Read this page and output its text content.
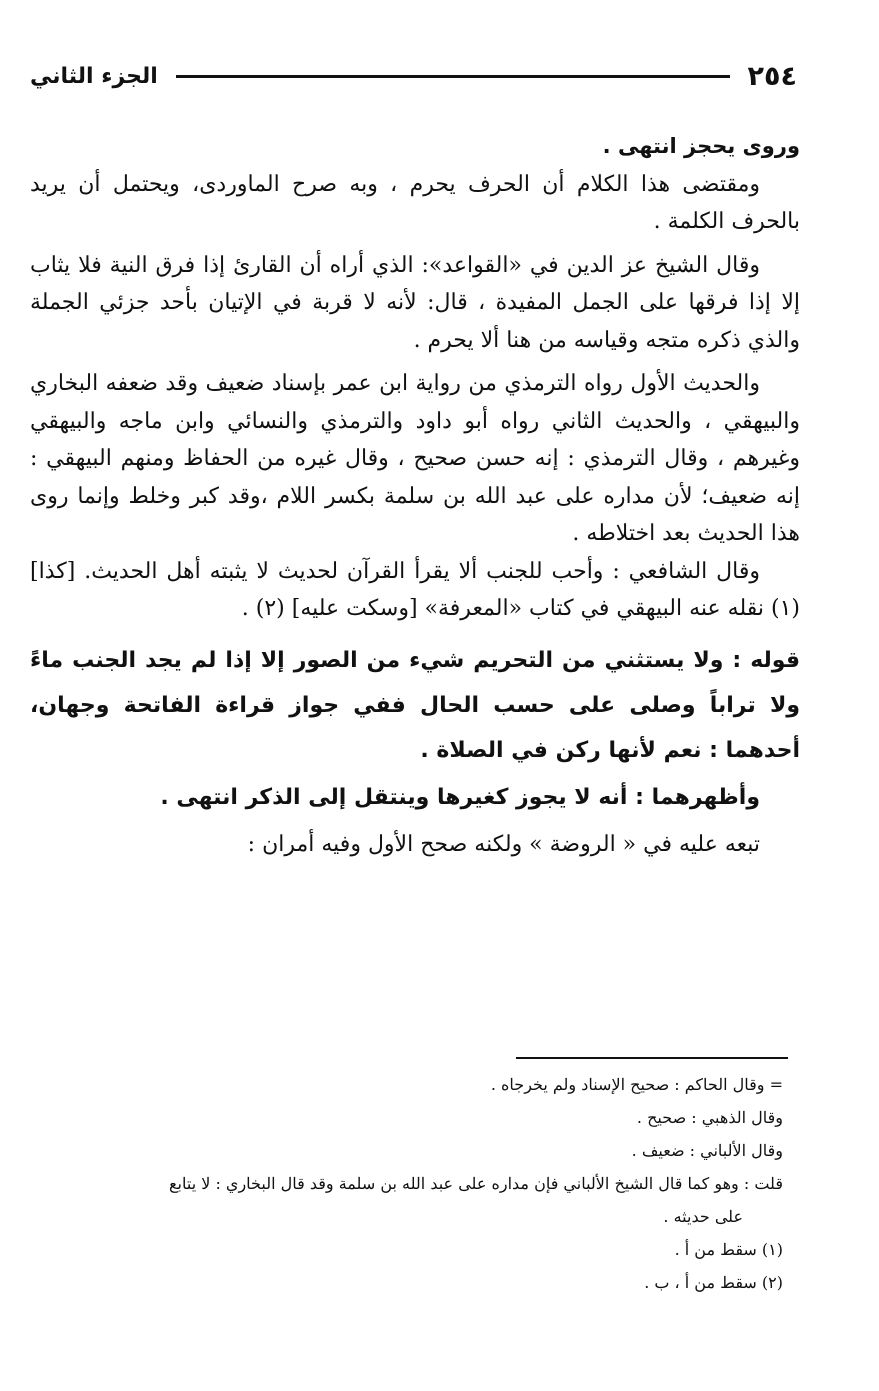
٢٥٤
الجزء الثاني

وروى يحجز انتهى .

ومقتضى هذا الكلام أن الحرف يحرم ، وبه صرح الماوردى، ويحتمل أن يريد بالحرف الكلمة .

وقال الشيخ عز الدين في «القواعد»: الذي أراه أن القارئ إذا فرق النية فلا يثاب إلا إذا فرقها على الجمل المفيدة ، قال: لأنه لا قربة في الإتيان بأحد جزئي الجملة والذي ذكره متجه وقياسه من هنا ألا يحرم .

والحديث الأول رواه الترمذي من رواية ابن عمر بإسناد ضعيف وقد ضعفه البخاري والبيهقي ، والحديث الثاني رواه أبو داود والترمذي والنسائي وابن ماجه والبيهقي وغيرهم ، وقال الترمذي : إنه حسن صحيح ، وقال غيره من الحفاظ ومنهم البيهقي : إنه ضعيف؛ لأن مداره على عبد الله بن سلمة بكسر اللام ،وقد كبر وخلط وإنما روى هذا الحديث بعد اختلاطه .

وقال الشافعي : وأحب للجنب ألا يقرأ القرآن لحديث لا يثبته أهل الحديث. [كذا](١) نقله عنه البيهقي في كتاب «المعرفة» [وسكت عليه] (٢) .

قوله : ولا يستثني من التحريم شيء من الصور إلا إذا لم يجد الجنب ماءً ولا تراباً وصلى على حسب الحال ففي جواز قراءة الفاتحة وجهان، أحدهما : نعم لأنها ركن في الصلاة .

وأظهرهما : أنه لا يجوز كغيرها وينتقل إلى الذكر انتهى .

تبعه عليه في « الروضة » ولكنه صحح الأول وفيه أمران :

= وقال الحاكم : صحيح الإسناد ولم يخرجاه .

وقال الذهبي : صحيح .

وقال الألباني : ضعيف .

قلت : وهو كما قال الشيخ الألباني فإن مداره على عبد الله بن سلمة وقد قال البخاري : لا يتابع

على حديثه .

(١) سقط من أ .

(٢) سقط من أ ، ب .
